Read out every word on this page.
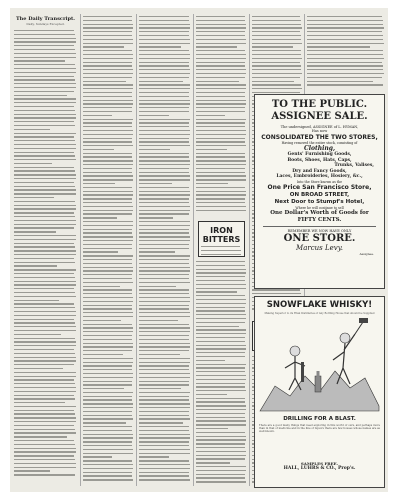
The Daily Transcript.
Daily, Sundays Excepted.
IRON BITTERS
TO THE PUBLIC.
ASSIGNEE SALE.
The undersigned, ASSIGNEE of L. HYMAN,
Has now
CONSOLIDATED THE TWO STORES,
Having removed the entire stock, consisting of
Clothing,
Gents' Furnishing Goods,
Boots, Shoes, Hats, Caps,
Trunks, Valises,
Dry and Fancy Goods,
Laces, Embroideries, Hosiery, &c.,
Into the Store known as the
One Price San Francisco Store,
ON BROAD STREET,
Next Door to Stumpf's Hotel,
Where he will continue to sell
One Dollar's Worth of Goods for
FIFTY CENTS.
REMEMBER WE NOW HAVE ONLY
ONE STORE.
Marcus Levy.
Assignee.
SNOWFLAKE WHISKY!
Making Superior to its Rival Distilleries of Any Bottling House that should be Supplied
DRILLING FOR A BLAST.
There are a good many things that need exploring in this world of ours, and perhaps more than in that of medicine and in the line of liquors there are few houses whose names are as well known.
SAMPLES FREE.
HALL, LUHRS & CO., Prop's.
